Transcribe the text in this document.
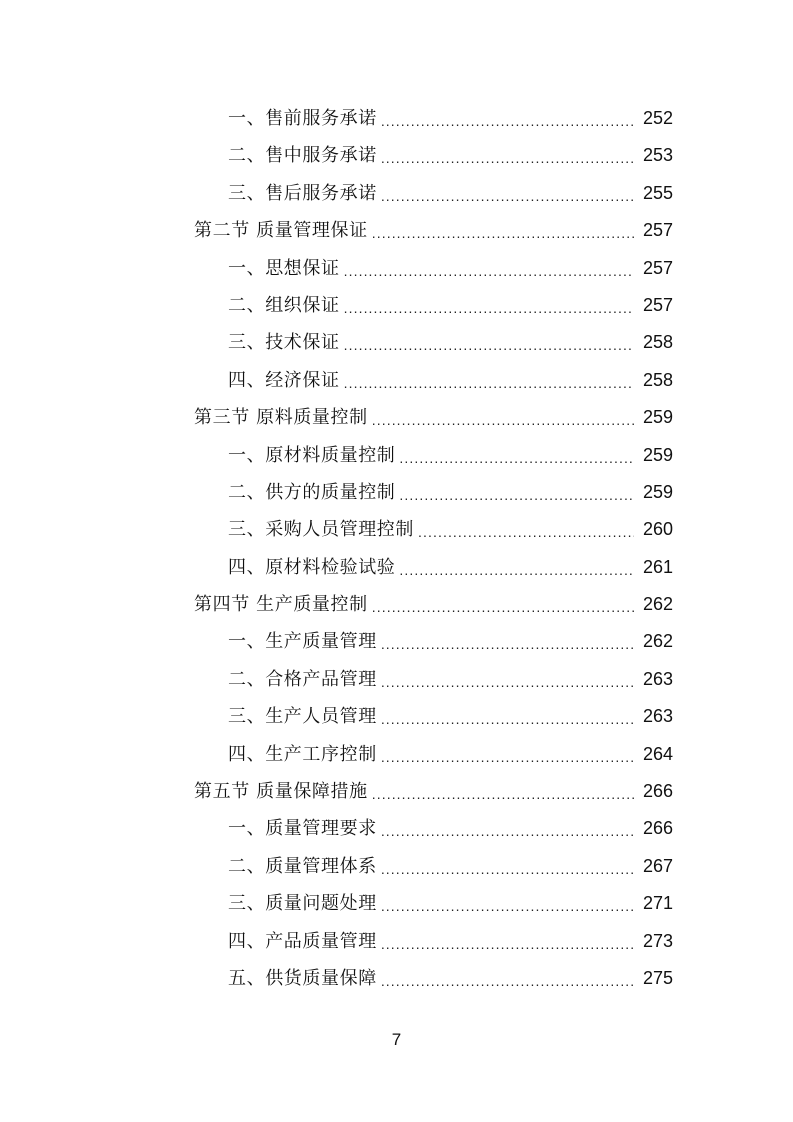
一、售前服务承诺 .....	252
二、售中服务承诺 .....	253
三、售后服务承诺 .....	255
第二节 质量管理保证 .....	257
一、思想保证 .....	257
二、组织保证 .....	257
三、技术保证 .....	258
四、经济保证 .....	258
第三节 原料质量控制 .....	259
一、原材料质量控制 .....	259
二、供方的质量控制 .....	259
三、采购人员管理控制 .....	260
四、原材料检验试验 .....	261
第四节 生产质量控制 .....	262
一、生产质量管理 .....	262
二、合格产品管理 .....	263
三、生产人员管理 .....	263
四、生产工序控制 .....	264
第五节 质量保障措施 .....	266
一、质量管理要求 .....	266
二、质量管理体系 .....	267
三、质量问题处理 .....	271
四、产品质量管理 .....	273
五、供货质量保障 .....	275
7
